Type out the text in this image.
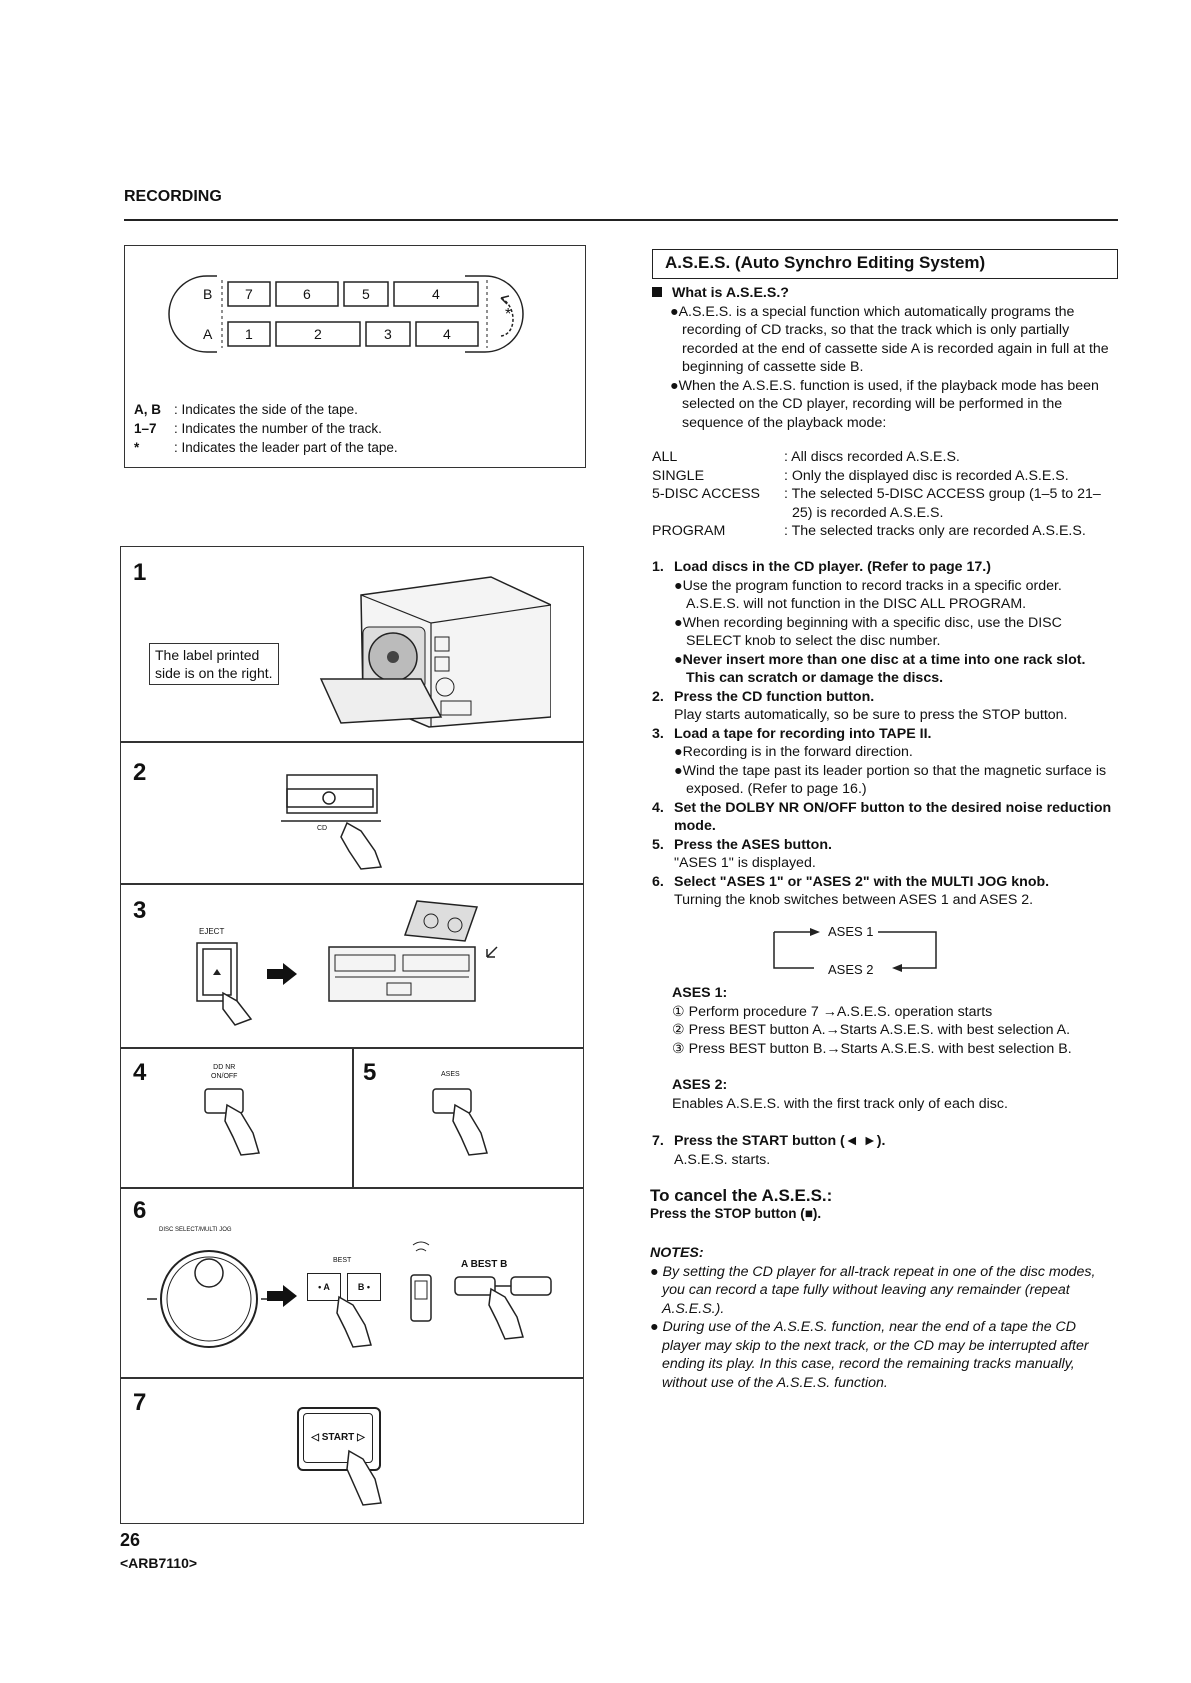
RECORDING
B
A
7	6	5	4
1	2	3	4
*
A, B : Indicates the side of the tape.
1–7	: Indicates the number of the track.
*	: Indicates the leader part of the tape.
1
2
3
4	5
6
7
The label printed
side is on the right.
CD
EJECT
DD NR
ON/OFF	ASES
DISC SELECT/MULTI JOG
BEST
• A	B •
A BEST B
◁ START ▷
A.S.E.S. (Auto Synchro Editing System)
What is A.S.E.S.?
●A.S.E.S. is a special function which automatically programs the recording of CD tracks, so that the track which is only partially recorded at the end of cassette side A is recorded again in full at the beginning of cassette side B.
●When the A.S.E.S. function is used, if the playback mode has been selected on the CD player, recording will be performed in the sequence of the playback mode:
ALL	: All discs recorded A.S.E.S.
SINGLE	: Only the displayed disc is recorded A.S.E.S.
5-DISC ACCESS	: The selected 5-DISC ACCESS group (1–5 to 21–25) is recorded A.S.E.S.
PROGRAM	: The selected tracks only are recorded A.S.E.S.
1. Load discs in the CD player. (Refer to page 17.)
●Use the program function to record tracks in a specific order. A.S.E.S. will not function in the DISC ALL PROGRAM.
●When recording beginning with a specific disc, use the DISC SELECT knob to select the disc number.
●Never insert more than one disc at a time into one rack slot. This can scratch or damage the discs.
2. Press the CD function button.
Play starts automatically, so be sure to press the STOP button.
3. Load a tape for recording into TAPE II.
●Recording is in the forward direction.
●Wind the tape past its leader portion so that the magnetic surface is exposed. (Refer to page 16.)
4. Set the DOLBY NR ON/OFF button to the desired noise reduction mode.
5. Press the ASES button.
"ASES 1" is displayed.
6. Select "ASES 1" or "ASES 2" with the MULTI JOG knob.
Turning the knob switches between ASES 1 and ASES 2.
ASES 1
ASES 2
ASES 1:
① Perform procedure 7 →A.S.E.S. operation starts
② Press BEST button A.→Starts A.S.E.S. with best selection A.
③ Press BEST button B.→Starts A.S.E.S. with best selection B.
ASES 2:
Enables A.S.E.S. with the first track only of each disc.
7. Press the START button (◄ ►).
A.S.E.S. starts.
To cancel the A.S.E.S.:
Press the STOP button (■).
NOTES:
● By setting the CD player for all-track repeat in one of the disc modes, you can record a tape fully without leaving any remainder (repeat A.S.E.S.).
● During use of the A.S.E.S. function, near the end of a tape the CD player may skip to the next track, or the CD may be interrupted after ending its play. In this case, record the remaining tracks manually, without use of the A.S.E.S. function.
26
<ARB7110>
